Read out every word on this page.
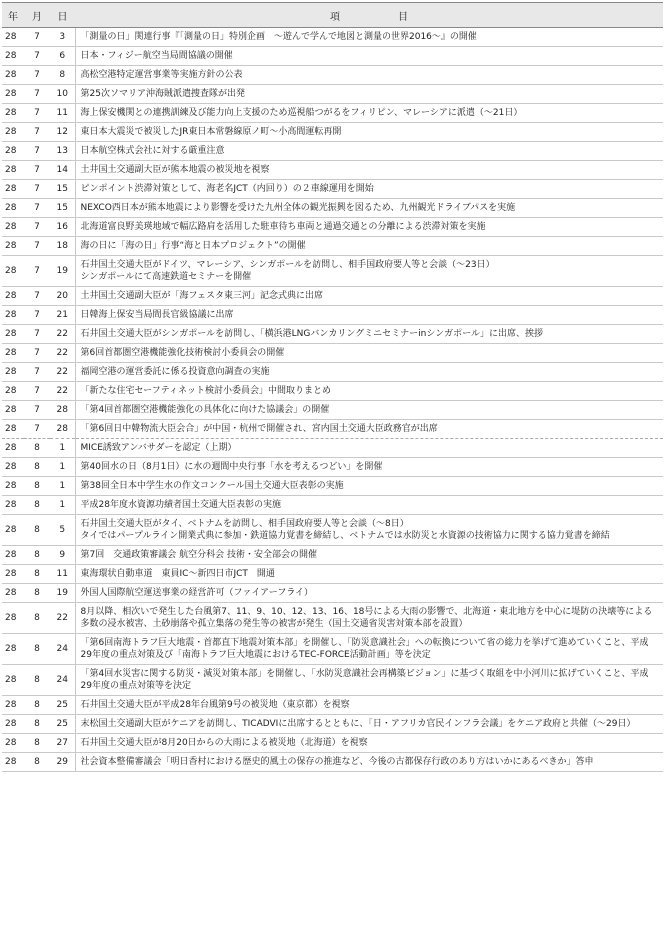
年	月	日	項目
28	7	3	「測量の日」関連行事『「測量の日」特別企画　～遊んで学んで地図と測量の世界2016～』の開催
28	7	6	日本・フィジー航空当局間協議の開催
28	7	8	高松空港特定運営事業等実施方針の公表
28	7	10	第25次ソマリア沖海賊派遣捜査隊が出発
28	7	11	海上保安機関との連携訓練及び能力向上支援のため巡視船つがるをフィリピン、マレーシアに派遣（～21日）
28	7	12	東日本大震災で被災したJR東日本常磐線原ノ町～小高間運転再開
28	7	13	日本航空株式会社に対する厳重注意
28	7	14	土井国土交通副大臣が熊本地震の被災地を視察
28	7	15	ピンポイント渋滞対策として、海老名JCT（内回り）の２車線運用を開始
28	7	15	NEXCO西日本が熊本地震により影響を受けた九州全体の観光振興を図るため、九州観光ドライブパスを実施
28	7	16	北海道富良野美瑛地域で幅広路肩を活用した駐車待ち車両と通過交通との分離による渋滞対策を実施
28	7	18	海の日に「海の日」行事“海と日本プロジェクト”の開催
28	7	19	石井国土交通大臣がドイツ、マレーシア、シンガポールを訪問し、相手国政府要人等と会談（～23日）
シンガポールにて高速鉄道セミナーを開催
28	7	20	土井国土交通副大臣が「海フェスタ東三河」記念式典に出席
28	7	21	日韓海上保安当局間長官級協議に出席
28	7	22	石井国土交通大臣がシンガポールを訪問し、「横浜港LNGバンカリングミニセミナーinシンガポール」に出席、挨拶
28	7	22	第6回首都圏空港機能強化技術検討小委員会の開催
28	7	22	福岡空港の運営委託に係る投資意向調査の実施
28	7	22	「新たな住宅セーフティネット検討小委員会」中間取りまとめ
28	7	28	「第4回首都圏空港機能強化の具体化に向けた協議会」の開催
28	7	28	「第6回日中韓物流大臣会合」が中国・杭州で開催され、宮内国土交通大臣政務官が出席
28	8	1	MICE誘致アンバサダーを認定（上期）
28	8	1	第40回水の日（8月1日）に水の週間中央行事「水を考えるつどい」を開催
28	8	1	第38回全日本中学生水の作文コンクール国土交通大臣表彰の実施
28	8	1	平成28年度水資源功績者国土交通大臣表彰の実施
28	8	5	石井国土交通大臣がタイ、ベトナムを訪問し、相手国政府要人等と会談（～8日）
タイではパープルライン開業式典に参加・鉄道協力覚書を締結し、ベトナムでは水防災と水資源の技術協力に関する協力覚書を締結
28	8	9	第7回　交通政策審議会 航空分科会 技術・安全部会の開催
28	8	11	東海環状自動車道　東員IC～新四日市JCT　開通
28	8	19	外国人国際航空運送事業の経営許可（ファイアーフライ）
28	8	22	8月以降、相次いで発生した台風第7、11、9、10、12、13、16、18号による大雨の影響で、北海道・東北地方を中心に堤防の決壊等による多数の浸水被害、土砂崩落や孤立集落の発生等の被害が発生（国土交通省災害対策本部を設置）
28	8	24	「第6回南海トラフ巨大地震・首都直下地震対策本部」を開催し、「防災意識社会」への転換について省の総力を挙げて進めていくこと、平成29年度の重点対策及び「南海トラフ巨大地震におけるTEC-FORCE活動計画」等を決定
28	8	24	「第4回水災害に関する防災・減災対策本部」を開催し、「水防災意識社会再構築ビジョン」に基づく取組を中小河川に拡げていくこと、平成29年度の重点対策等を決定
28	8	25	石井国土交通大臣が平成28年台風第9号の被災地（東京都）を視察
28	8	25	末松国土交通副大臣がケニアを訪問し、TICADVIに出席するとともに、「日・アフリカ官民インフラ会議」をケニア政府と共催（～29日）
28	8	27	石井国土交通大臣が8月20日からの大雨による被災地（北海道）を視察
28	8	29	社会資本整備審議会「明日香村における歴史的風土の保存の推進など、今後の古都保存行政のあり方はいかにあるべきか」答申
